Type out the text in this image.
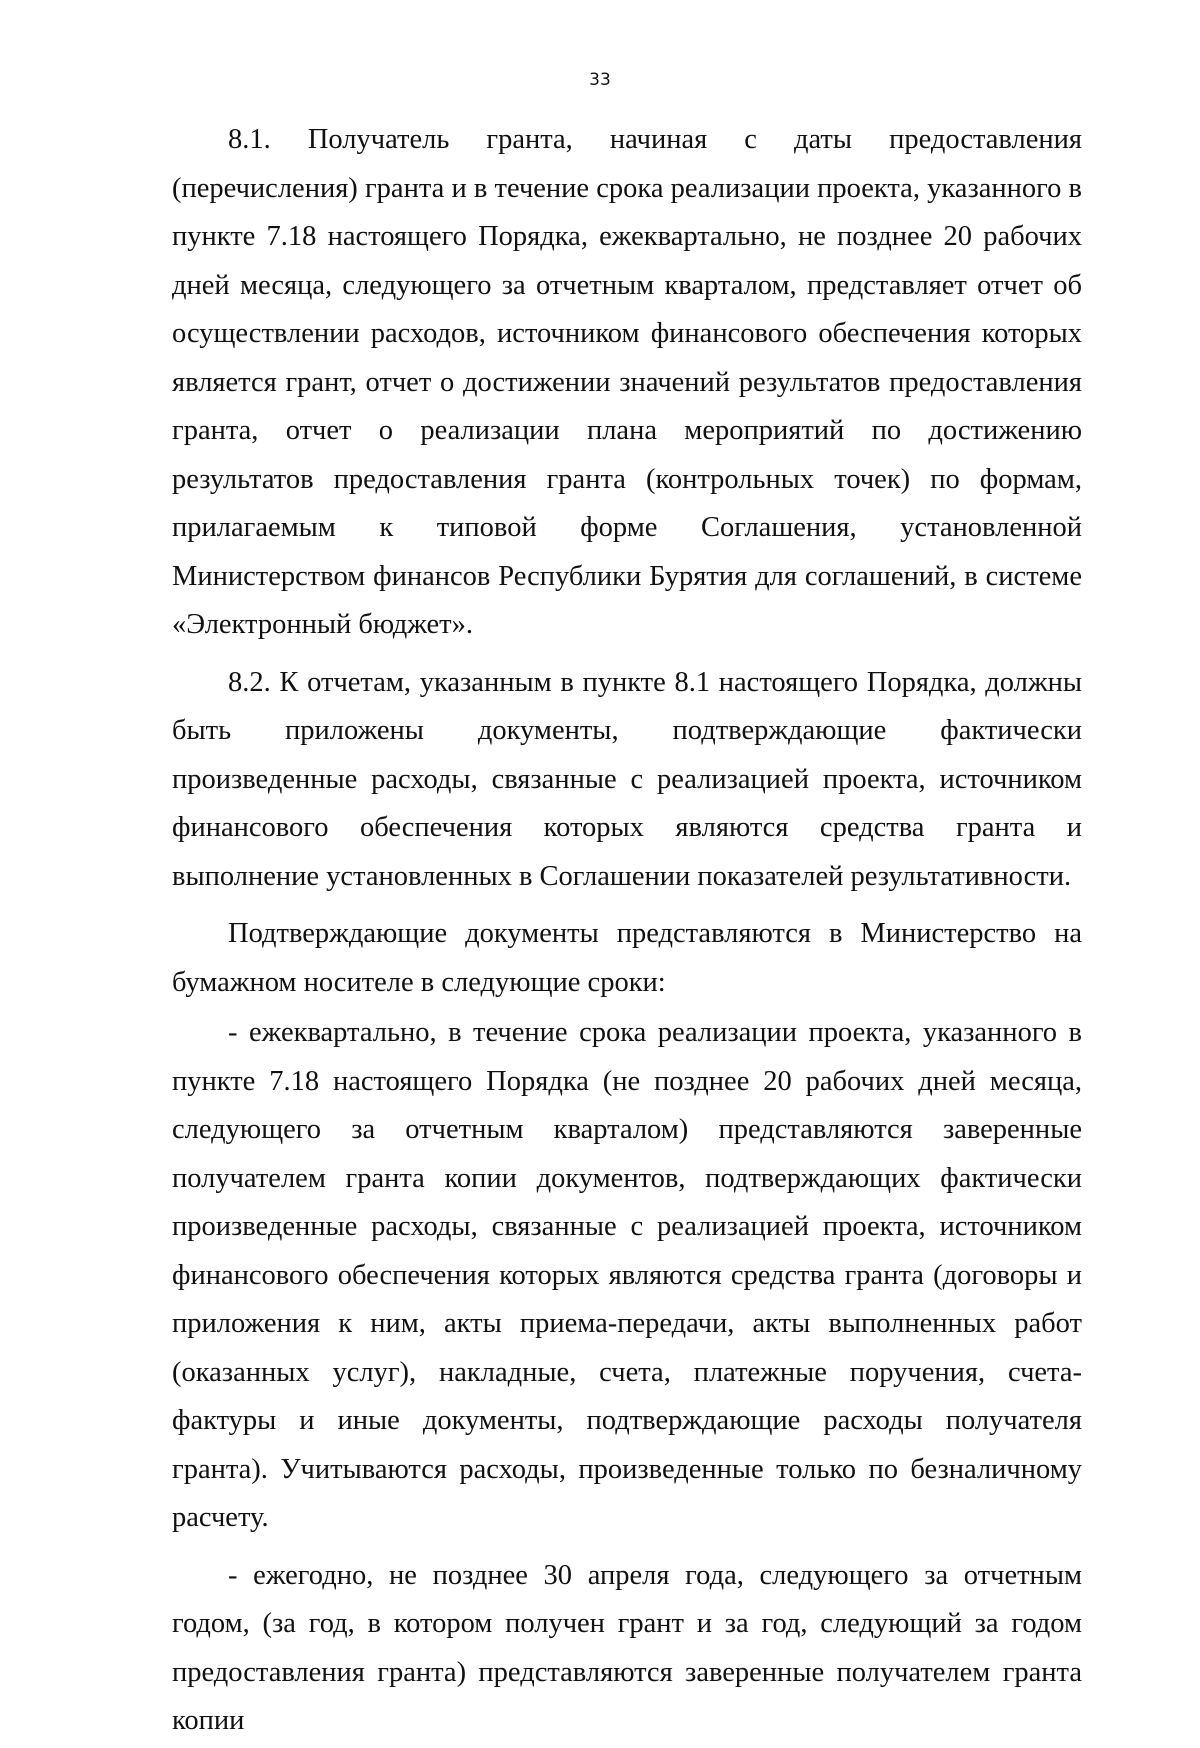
33

8.1. Получатель гранта, начиная с даты предоставления (перечисления) гранта и в течение срока реализации проекта, указанного в пункте 7.18 настоящего Порядка, ежеквартально, не позднее 20 рабочих дней месяца, следующего за отчетным кварталом, представляет отчет об осуществлении расходов, источником финансового обеспечения которых является грант, отчет о достижении значений результатов предоставления гранта, отчет о реализации плана мероприятий по достижению результатов предоставления гранта (контрольных точек) по формам, прилагаемым к типовой форме Соглашения, установленной Министерством финансов Республики Бурятия для соглашений, в системе «Электронный бюджет».

8.2. К отчетам, указанным в пункте 8.1 настоящего Порядка, должны быть приложены документы, подтверждающие фактически произведенные расходы, связанные с реализацией проекта, источником финансового обеспечения которых являются средства гранта и выполнение установленных в Соглашении показателей результативности.

Подтверждающие документы представляются в Министерство на бумажном носителе в следующие сроки:

- ежеквартально, в течение срока реализации проекта, указанного в пункте 7.18 настоящего Порядка (не позднее 20 рабочих дней месяца, следующего за отчетным кварталом) представляются заверенные получателем гранта копии документов, подтверждающих фактически произведенные расходы, связанные с реализацией проекта, источником финансового обеспечения которых являются средства гранта (договоры и приложения к ним, акты приема-передачи, акты выполненных работ (оказанных услуг), накладные, счета, платежные поручения, счета-фактуры и иные документы, подтверждающие расходы получателя гранта). Учитываются расходы, произведенные только по безналичному расчету.

- ежегодно, не позднее 30 апреля года, следующего за отчетным годом, (за год, в котором получен грант и за год, следующий за годом предоставления гранта) представляются заверенные получателем гранта копии
